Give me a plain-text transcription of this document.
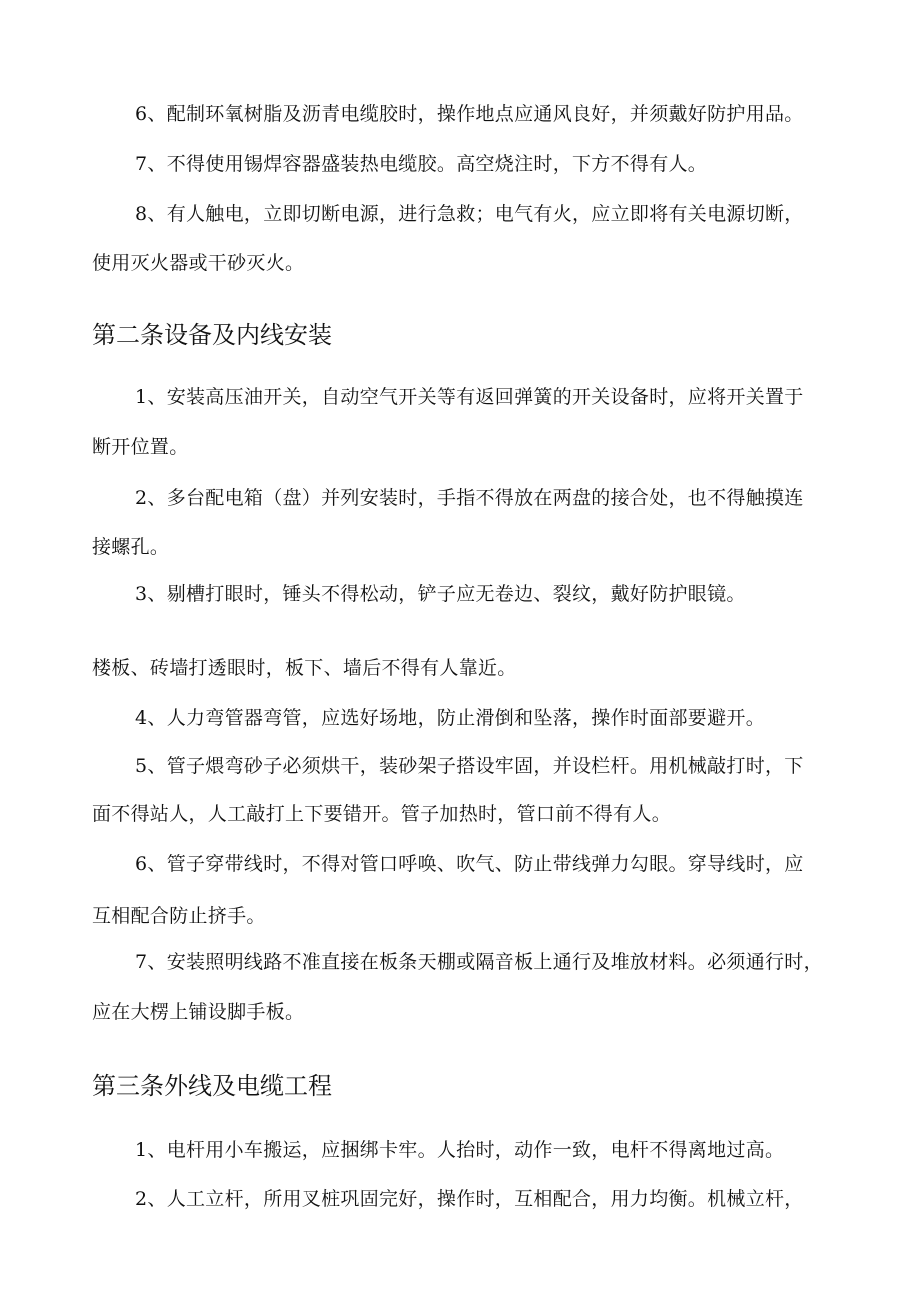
6、配制环氧树脂及沥青电缆胶时，操作地点应通风良好，并须戴好防护用品。
7、不得使用锡焊容器盛装热电缆胶。高空烧注时，下方不得有人。
8、有人触电，立即切断电源，进行急救；电气有火，应立即将有关电源切断，
使用灭火器或干砂灭火。
第二条设备及内线安装
1、安装高压油开关，自动空气开关等有返回弹簧的开关设备时，应将开关置于
断开位置。
2、多台配电箱（盘）并列安装时，手指不得放在两盘的接合处，也不得触摸连
接螺孔。
3、剔槽打眼时，锤头不得松动，铲子应无卷边、裂纹，戴好防护眼镜。
楼板、砖墙打透眼时，板下、墙后不得有人靠近。
4、人力弯管器弯管，应选好场地，防止滑倒和坠落，操作时面部要避开。
5、管子煨弯砂子必须烘干，装砂架子搭设牢固，并设栏杆。用机械敲打时，下
面不得站人，人工敲打上下要错开。管子加热时，管口前不得有人。
6、管子穿带线时，不得对管口呼唤、吹气、防止带线弹力勾眼。穿导线时，应
互相配合防止挤手。
7、安装照明线路不准直接在板条天棚或隔音板上通行及堆放材料。必须通行时，
应在大楞上铺设脚手板。
第三条外线及电缆工程
1、电杆用小车搬运，应捆绑卡牢。人抬时，动作一致，电杆不得离地过高。
2、人工立杆，所用叉桩巩固完好，操作时，互相配合，用力均衡。机械立杆，
